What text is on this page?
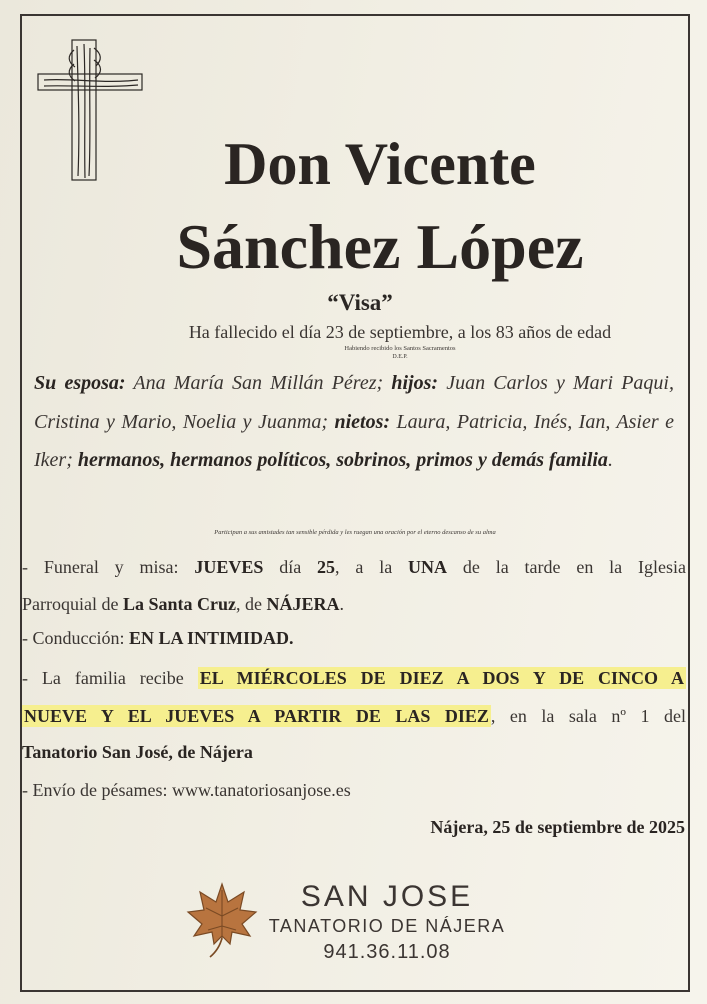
Don Vicente
Sánchez López
“Visa”
Ha fallecido el día 23 de septiembre, a los 83 años de edad
Habiendo recibido los Santos Sacramentos
D.E.P.
Su esposa: Ana María San Millán Pérez; hijos: Juan Carlos y Mari Paqui, Cristina y Mario, Noelia y Juanma; nietos: Laura, Patricia, Inés, Ian, Asier e Iker; hermanos, hermanos políticos, sobrinos, primos y demás familia.
Participan a sus amistades tan sensible pérdida y les ruegan una oración por el eterno descanso de su alma
- Funeral y misa: JUEVES día 25, a la UNA de la tarde en la Iglesia
Parroquial de La Santa Cruz, de NÁJERA.
- Conducción: EN LA INTIMIDAD.
- La familia recibe EL MIÉRCOLES DE DIEZ A DOS Y DE CINCO A
NUEVE Y EL JUEVES A PARTIR DE LAS DIEZ , en la sala nº 1 del
Tanatorio San José, de Nájera
- Envío de pésames: www.tanatoriosanjose.es
Nájera, 25 de septiembre de 2025
SAN JOSE
TANATORIO DE NÁJERA
941.36.11.08
